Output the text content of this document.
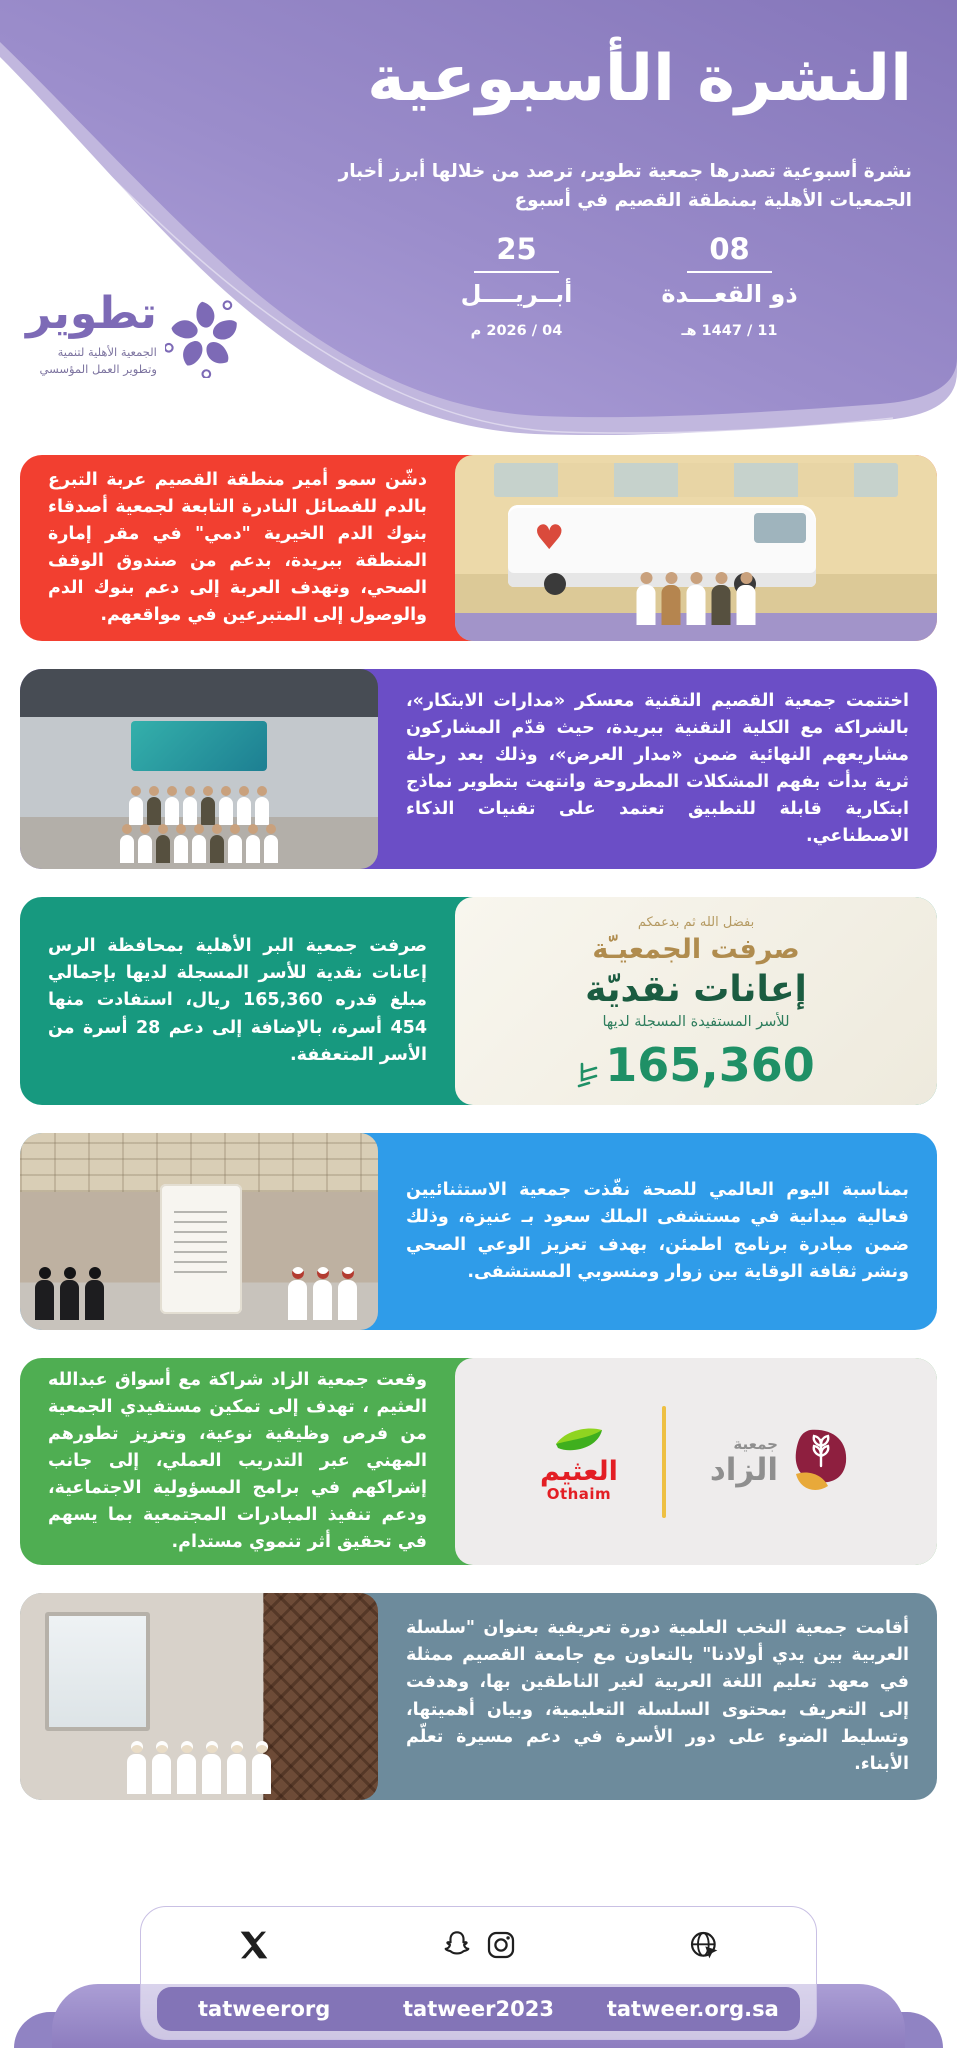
النشرة الأسبوعية
نشرة أسبوعية تصدرها جمعية تطوير، ترصد من خلالها أبرز أخبار الجمعيات الأهلية بمنطقة القصيم في أسبوع
08
ذو القعـــدة
11 / 1447 هـ
25
أبــريــــل
04 / 2026 م
تطوير
الجمعية الأهلية لتنمية
وتطوير العمل المؤسسي

دشّن سمو أمير منطقة القصيم عربة التبرع بالدم للفصائل النادرة التابعة لجمعية أصدقاء بنوك الدم الخيرية "دمي" في مقر إمارة المنطقة ببريدة، بدعم من صندوق الوقف الصحي، وتهدف العربة إلى دعم بنوك الدم والوصول إلى المتبرعين في مواقعهم.

♥

اختتمت جمعية القصيم التقنية معسكر «مدارات الابتكار»، بالشراكة مع الكلية التقنية ببريدة، حيث قدّم المشاركون مشاريعهم النهائية ضمن «مدار العرض»، وذلك بعد رحلة ثرية بدأت بفهم المشكلات المطروحة وانتهت بتطوير نماذج ابتكارية قابلة للتطبيق تعتمد على تقنيات الذكاء الاصطناعي.

صرفت جمعية البر الأهلية بمحافظة الرس إعانات نقدية للأسر المسجلة لديها بإجمالي مبلغ قدره 165,360 ريال، استفادت منها 454 أسرة، بالإضافة إلى دعم 28 أسرة من الأسر المتعففة.

بفضل الله ثم بدعمكم
صرفت الجمعيـّة
إعانات نقديّة
للأسر المستفيدة المسجلة لديها
165,360

بمناسبة اليوم العالمي للصحة نفّذت جمعية الاستثنائيين فعالية ميدانية في مستشفى الملك سعود بـ عنيزة، وذلك ضمن مبادرة برنامج اطمئن، بهدف تعزيز الوعي الصحي ونشر ثقافة الوقاية بين زوار ومنسوبي المستشفى.

وقعت جمعية الزاد شراكة مع أسواق عبدالله العثيم ، تهدف إلى تمكين مستفيدي الجمعية من فرص وظيفية نوعية، وتعزيز تطورهم المهني عبر التدريب العملي، إلى جانب إشراكهم في برامج المسؤولية الاجتماعية، ودعم تنفيذ المبادرات المجتمعية بما يسهم في تحقيق أثر تنموي مستدام.

العثيم
Othaim
جمعية
الزاد

أقامت جمعية النخب العلمية دورة تعريفية بعنوان "سلسلة العربية بين يدي أولادنا" بالتعاون مع جامعة القصيم ممثلة في معهد تعليم اللغة العربية لغير الناطقين بها، وهدفت إلى التعريف بمحتوى السلسلة التعليمية، وبيان أهميتها، وتسليط الضوء على دور الأسرة في دعم مسيرة تعلّم الأبناء.

tatweerorg	tatweer2023	tatweer.org.sa
